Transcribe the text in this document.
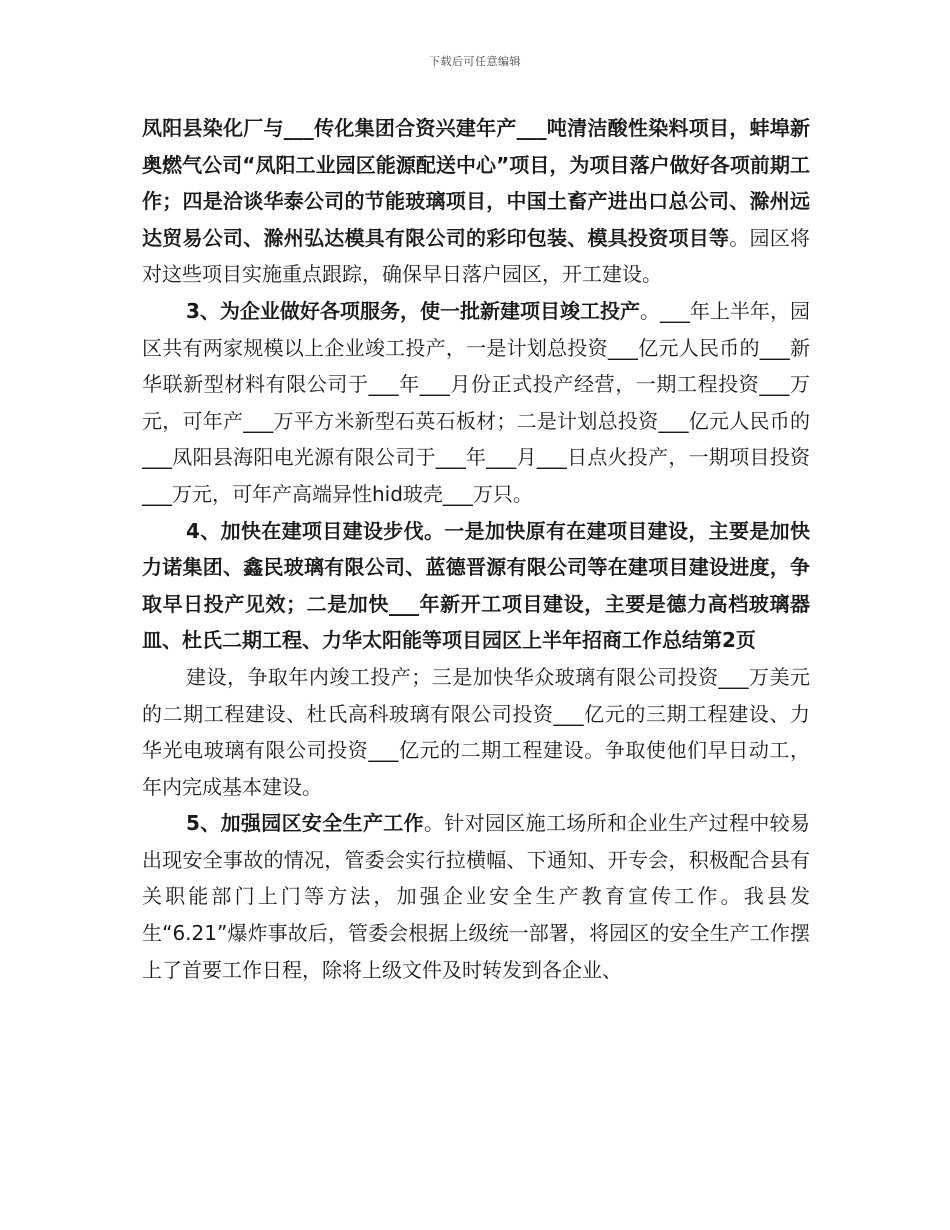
下载后可任意编辑

凤阳县染化厂与___传化集团合资兴建年产___吨清洁酸性染料项目，蚌埠新奥燃气公司“凤阳工业园区能源配送中心”项目，为项目落户做好各项前期工作；四是洽谈华泰公司的节能玻璃项目，中国土畜产进出口总公司、滁州远达贸易公司、滁州弘达模具有限公司的彩印包装、模具投资项目等。园区将对这些项目实施重点跟踪，确保早日落户园区，开工建设。

3、为企业做好各项服务，使一批新建项目竣工投产。___年上半年，园区共有两家规模以上企业竣工投产，一是计划总投资___亿元人民币的___新华联新型材料有限公司于___年___月份正式投产经营，一期工程投资___万元，可年产___万平方米新型石英石板材；二是计划总投资___亿元人民币的___凤阳县海阳电光源有限公司于___年___月___日点火投产，一期项目投资___万元，可年产高端异性hid玻壳___万只。

4、加快在建项目建设步伐。一是加快原有在建项目建设，主要是加快力诺集团、鑫民玻璃有限公司、蓝德晋源有限公司等在建项目建设进度，争取早日投产见效；二是加快___年新开工项目建设，主要是德力高档玻璃器皿、杜氏二期工程、力华太阳能等项目园区上半年招商工作总结第2页

建设，争取年内竣工投产；三是加快华众玻璃有限公司投资___万美元的二期工程建设、杜氏高科玻璃有限公司投资___亿元的三期工程建设、力华光电玻璃有限公司投资___亿元的二期工程建设。争取使他们早日动工，年内完成基本建设。

5、加强园区安全生产工作。针对园区施工场所和企业生产过程中较易出现安全事故的情况，管委会实行拉横幅、下通知、开专会，积极配合县有关职能部门上门等方法，加强企业安全生产教育宣传工作。我县发生“6.21”爆炸事故后，管委会根据上级统一部署，将园区的安全生产工作摆上了首要工作日程，除将上级文件及时转发到各企业、
